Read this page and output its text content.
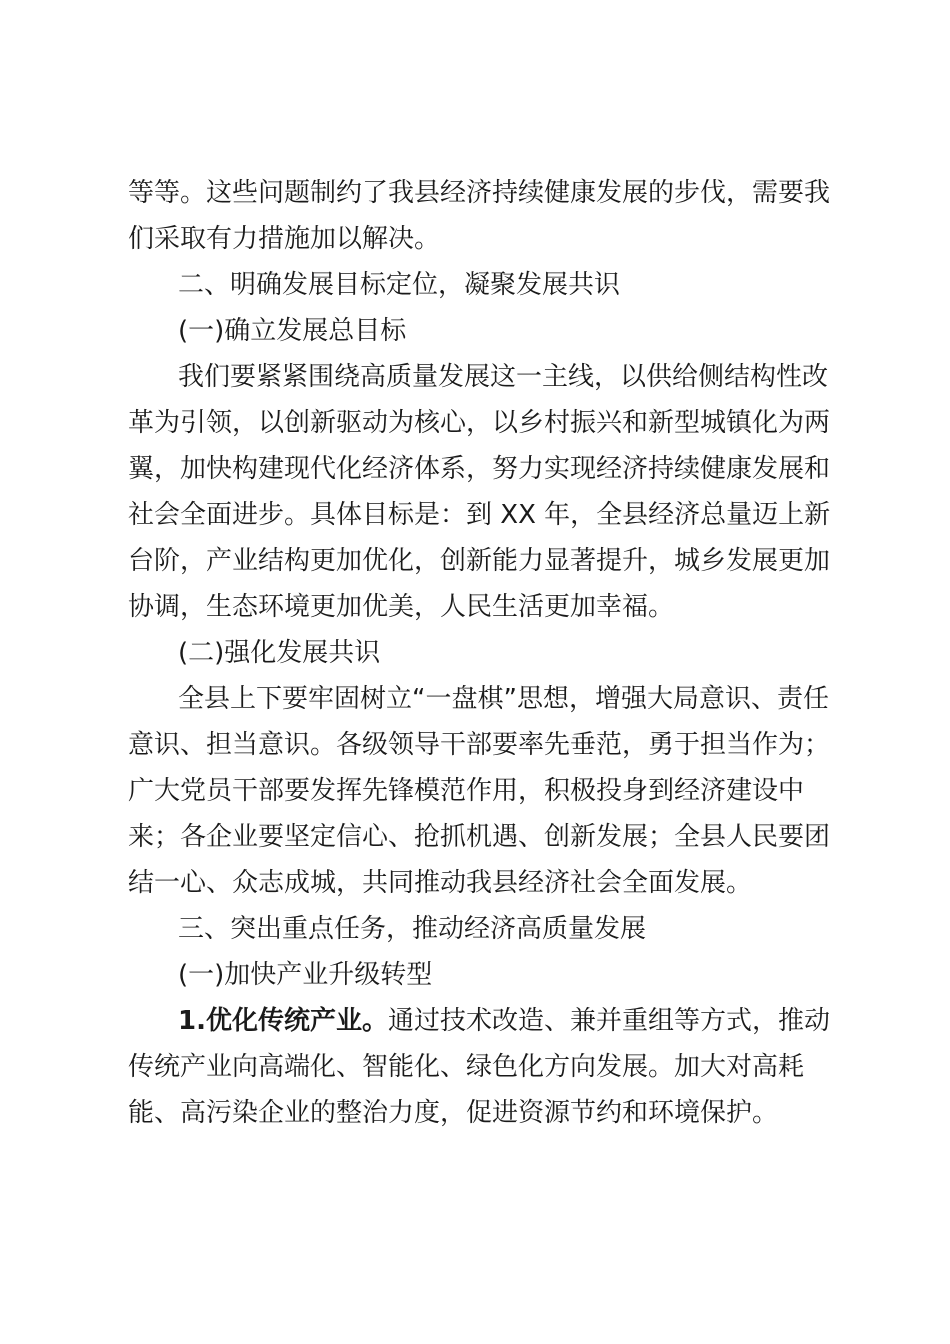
等等。这些问题制约了我县经济持续健康发展的步伐，需要我
们采取有力措施加以解决。
二、明确发展目标定位，凝聚发展共识
(一)确立发展总目标
我们要紧紧围绕高质量发展这一主线，以供给侧结构性改
革为引领，以创新驱动为核心，以乡村振兴和新型城镇化为两
翼，加快构建现代化经济体系，努力实现经济持续健康发展和
社会全面进步。具体目标是：到 XX 年，全县经济总量迈上新
台阶，产业结构更加优化，创新能力显著提升，城乡发展更加
协调，生态环境更加优美，人民生活更加幸福。
(二)强化发展共识
全县上下要牢固树立“一盘棋”思想，增强大局意识、责任
意识、担当意识。各级领导干部要率先垂范，勇于担当作为；
广大党员干部要发挥先锋模范作用，积极投身到经济建设中
来；各企业要坚定信心、抢抓机遇、创新发展；全县人民要团
结一心、众志成城，共同推动我县经济社会全面发展。
三、突出重点任务，推动经济高质量发展
(一)加快产业升级转型
1.优化传统产业。通过技术改造、兼并重组等方式，推动
传统产业向高端化、智能化、绿色化方向发展。加大对高耗
能、高污染企业的整治力度，促进资源节约和环境保护。
